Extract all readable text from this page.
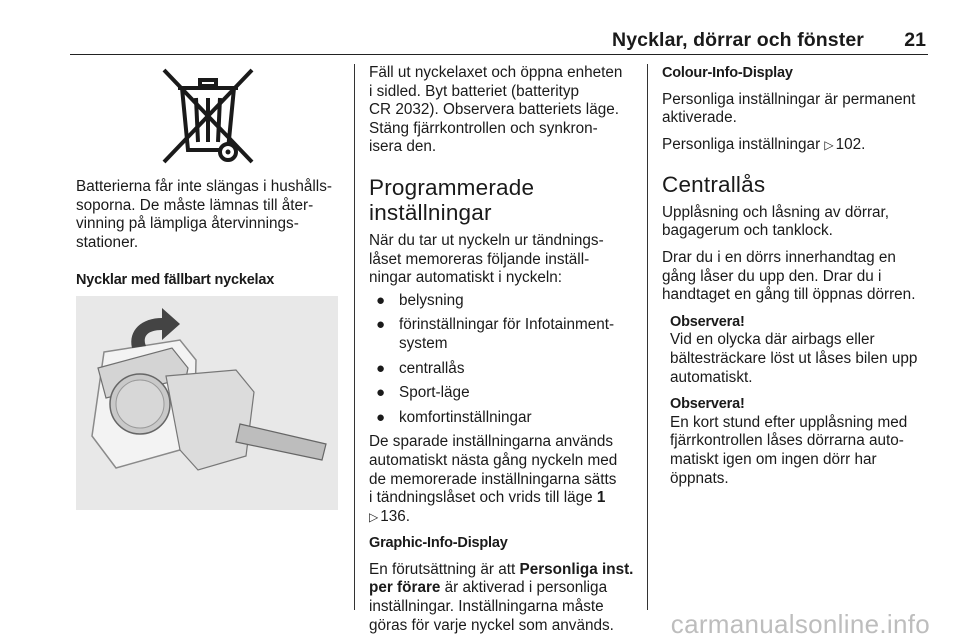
Nycklar, dörrar och fönster 21

Batterierna får inte slängas i hushålls-
soporna. De måste lämnas till åter-
vinning på lämpliga återvinnings-
stationer.

Nycklar med fällbart nyckelax

Fäll ut nyckelaxet och öppna enheten
i sidled. Byt batteriet (batterityp
CR 2032). Observera batteriets läge.
Stäng fjärrkontrollen och synkron-
isera den.

Programmerade
inställningar

När du tar ut nyckeln ur tändnings-
låset memoreras följande inställ-
ningar automatiskt i nyckeln:

● belysning
● förinställningar för Infotainment-
system
● centrallås
● Sport-läge
● komfortinställningar

De sparade inställningarna används
automatiskt nästa gång nyckeln med
de memorerade inställningarna sätts
i tändningslåset och vrids till läge 1
▷ 136.

Graphic-Info-Display

En förutsättning är att Personliga inst.
per förare är aktiverad i personliga
inställningar. Inställningarna måste
göras för varje nyckel som används.

Colour-Info-Display

Personliga inställningar är permanent
aktiverade.

Personliga inställningar ▷ 102.

Centrallås

Upplåsning och låsning av dörrar,
bagagerum och tanklock.

Drar du i en dörrs innerhandtag en
gång låser du upp den. Drar du i
handtaget en gång till öppnas dörren.

Observera!

Vid en olycka där airbags eller
bältesträckare löst ut låses bilen upp
automatiskt.

Observera!

En kort stund efter upplåsning med
fjärrkontrollen låses dörrarna auto-
matiskt igen om ingen dörr har
öppnats.

carmanualsonline.info
